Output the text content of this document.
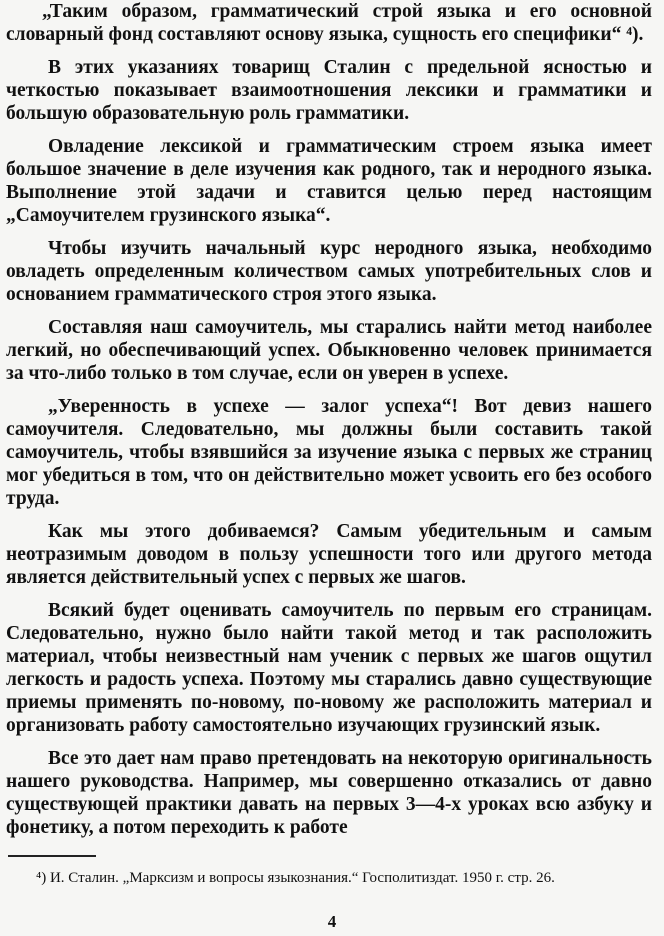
„Таким образом, грамматический строй языка и его основной словарный фонд составляют основу языка, сущность его специфики“ ⁴).

В этих указаниях товарищ Сталин с предельной ясностью и четкостью показывает взаимоотношения лексики и грамматики и большую образовательную роль грамматики.

Овладение лексикой и грамматическим строем языка имеет большое значение в деле изучения как родного, так и неродного языка. Выполнение этой задачи и ставится целью перед настоящим „Самоучителем грузинского языка“.

Чтобы изучить начальный курс неродного языка, необходимо овладеть определенным количеством самых употребительных слов и основанием грамматического строя этого языка.

Составляя наш самоучитель, мы старались найти метод наиболее легкий, но обеспечивающий успех. Обыкновенно человек принимается за что-либо только в том случае, если он уверен в успехе.

„Уверенность в успехе — залог успеха“! Вот девиз нашего самоучителя. Следовательно, мы должны были составить такой самоучитель, чтобы взявшийся за изучение языка с первых же страниц мог убедиться в том, что он действительно может усвоить его без особого труда.

Как мы этого добиваемся? Самым убедительным и самым неотразимым доводом в пользу успешности того или другого метода является действительный успех с первых же шагов.

Всякий будет оценивать самоучитель по первым его страницам. Следовательно, нужно было найти такой метод и так расположить материал, чтобы неизвестный нам ученик с первых же шагов ощутил легкость и радость успеха. Поэтому мы старались давно существующие приемы применять по-новому, по-новому же расположить материал и организовать работу самостоятельно изучающих грузинский язык.

Все это дает нам право претендовать на некоторую оригинальность нашего руководства. Например, мы совершенно отказались от давно существующей практики давать на первых 3—4-х уроках всю азбуку и фонетику, а потом переходить к работе

⁴) И. Сталин. „Марксизм и вопросы языкознания.“ Госполитиздат. 1950 г. стр. 26.

4
